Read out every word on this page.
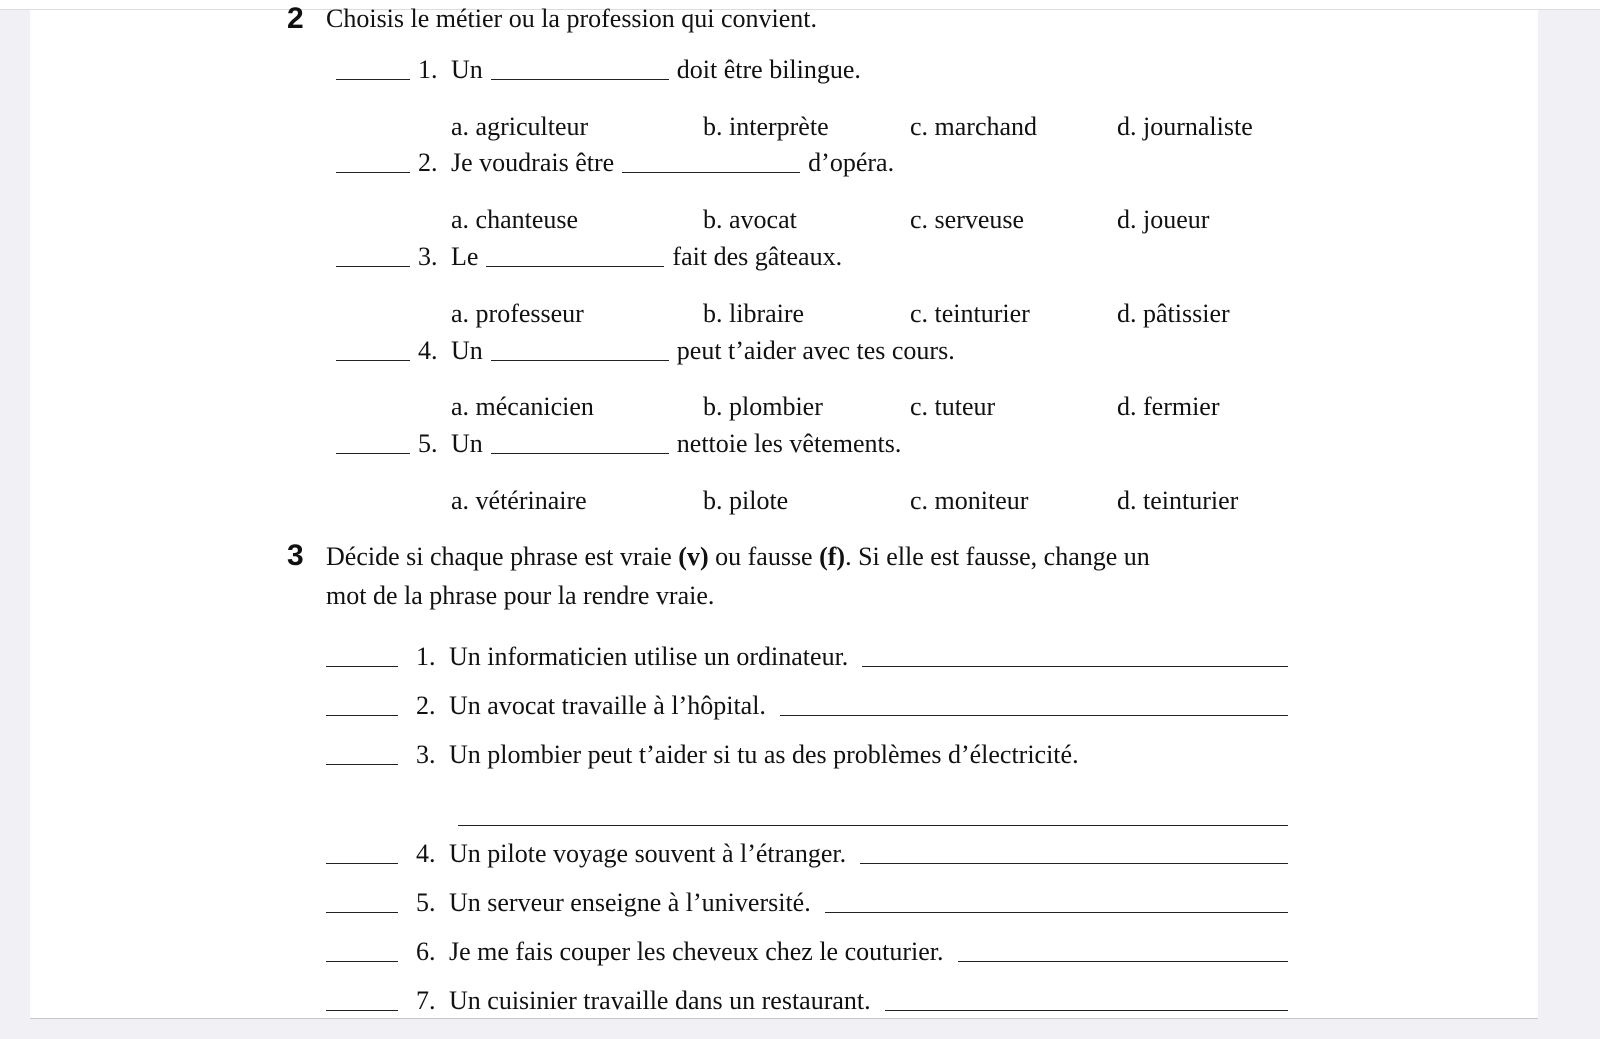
2 Choisis le métier ou la profession qui convient.
1. Un	doit être bilingue.
a. agriculteur	b. interprète	c. marchand	d. journaliste
2. Je voudrais être	d’opéra.
a. chanteuse	b. avocat	c. serveuse	d. joueur
3. Le	fait des gâteaux.
a. professeur	b. libraire	c. teinturier	d. pâtissier
4. Un	peut t’aider avec tes cours.
a. mécanicien	b. plombier	c. tuteur	d. fermier
5. Un	nettoie les vêtements.
a. vétérinaire	b. pilote	c. moniteur	d. teinturier
3 Décide si chaque phrase est vraie (v) ou fausse (f). Si elle est fausse, change un
mot de la phrase pour la rendre vraie.
1. Un informaticien utilise un ordinateur.
2. Un avocat travaille à l’hôpital.
3. Un plombier peut t’aider si tu as des problèmes d’électricité.
4. Un pilote voyage souvent à l’étranger.
5. Un serveur enseigne à l’université.
6. Je me fais couper les cheveux chez le couturier.
7. Un cuisinier travaille dans un restaurant.
